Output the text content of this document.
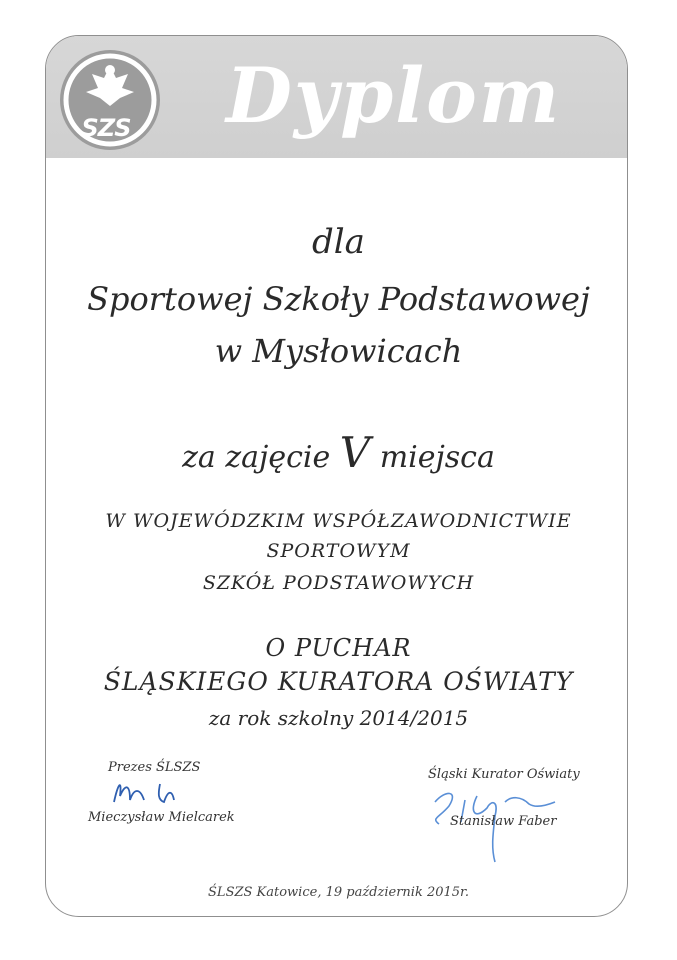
SZS Dyplom
dla
Sportowej Szkoły Podstawowej
w Mysłowicach
za zajęcie V miejsca
W WOJEWÓDZKIM WSPÓŁZAWODNICTWIE
SPORTOWYM
SZKÓŁ PODSTAWOWYCH
O PUCHAR
ŚLĄSKIEGO KURATORA OŚWIATY
za rok szkolny 2014/2015
Prezes ŚLSZS
Mieczysław Mielcarek
Śląski Kurator Oświaty
Stanisław Faber
ŚLSZS Katowice, 19 październik 2015r.
